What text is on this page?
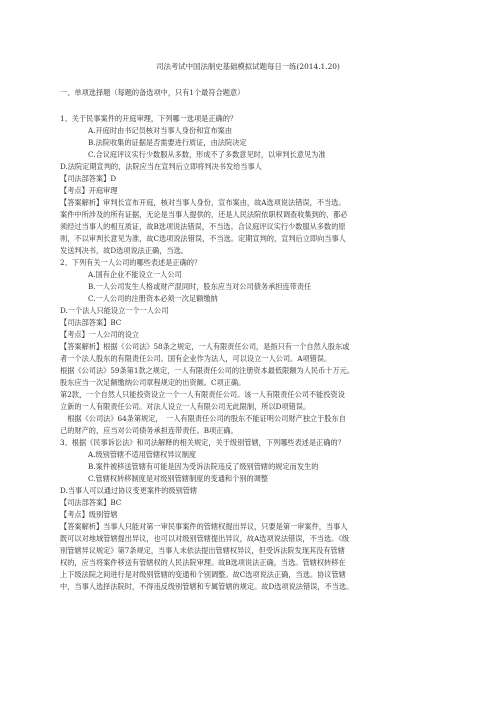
司法考试中国法制史基础模拟试题每日一练(2014.1.20)
一、单项选择题（每题的备选项中，只有1个最符合题意）
1、关于民事案件的开庭审理，下列哪一选项是正确的？
A.开庭时由书记员核对当事人身份和宣布案由
B.法院收集的证据是否需要进行质证，由法院决定
C.合议庭评议实行少数服从多数，形成不了多数意见时，以审判长意见为准
D.法院定期宣判的，法院应当在宣判后立即将判决书发给当事人
【司法部答案】D
【考点】开庭审理
【答案解析】审判长宣布开庭，核对当事人身份，宣布案由，故A选项说法错误，不当选。
案件中所涉及的所有证据，无论是当事人提供的，还是人民法院依职权调查收集到的，都必
须经过当事人的相互质证，故B选项说法错误，不当选。合议庭评议实行少数服从多数的原
则，不以审判长意见为准，故C选项说法错误，不当选。定期宣判的，宣判后立即向当事人
发送判决书，故D选项说法正确，当选。
2、下列有关一人公司的哪些表述是正确的？
A.国有企业不能设立一人公司
B.一人公司发生人格或财产混同时，股东应当对公司债务承担连带责任
C.一人公司的注册资本必须一次足额缴纳
D.一个法人只能设立一个一人公司
【司法部答案】BC
【考点】一人公司的设立
【答案解析】根据《公司法》58条之规定，一人有限责任公司，是指只有一个自然人股东或
者一个法人股东的有限责任公司。国有企业作为法人，可以设立一人公司。A项错误。
根据《公司法》59条第1款之规定，一人有限责任公司的注册资本最低限额为人民币十万元。
股东应当一次足额缴纳公司章程规定的出资额。C项正确。
第2款，一个自然人只能投资设立一个一人有限责任公司。该一人有限责任公司不能投资设
立新的一人有限责任公司。对法人设立一人有限公司无此限制，所以D项错误。
　根据《公司法》64条第规定，　一人有限责任公司的股东不能证明公司财产独立于股东自
己的财产的，应当对公司债务承担连带责任。B项正确。
3、根据《民事诉讼法》和司法解释的相关规定，关于级别管辖，下列哪些表述是正确的？
A.级别管辖不适用管辖权异议制度
B.案件被移送管辖有可能是因为受诉法院违反了级别管辖的规定而发生的
C.管辖权转移制度是对级别管辖制度的变通和个别的调整
D.当事人可以通过协议变更案件的级别管辖
【司法部答案】BC
【考点】级别管辖
【答案解析】当事人只能对第一审民事案件的管辖权提出异议，只要是第一审案件，当事人
既可以对地域管辖提出异议，也可以对级别管辖提出异议，故A选项说法错误，不当选。《级
别管辖异议规定》第7条规定，当事人未依法提出管辖权异议，但受诉法院发现其没有管辖
权的，应当将案件移送有管辖权的人民法院审理。故B选项说法正确，当选。管辖权转移在
上下级法院之间进行是对级别管辖的变通和个别调整。故C选项说法正确，当选。协议管辖
中，当事人选择法院时，不得违反级别管辖和专属管辖的规定。故D选项说法错误，不当选。
